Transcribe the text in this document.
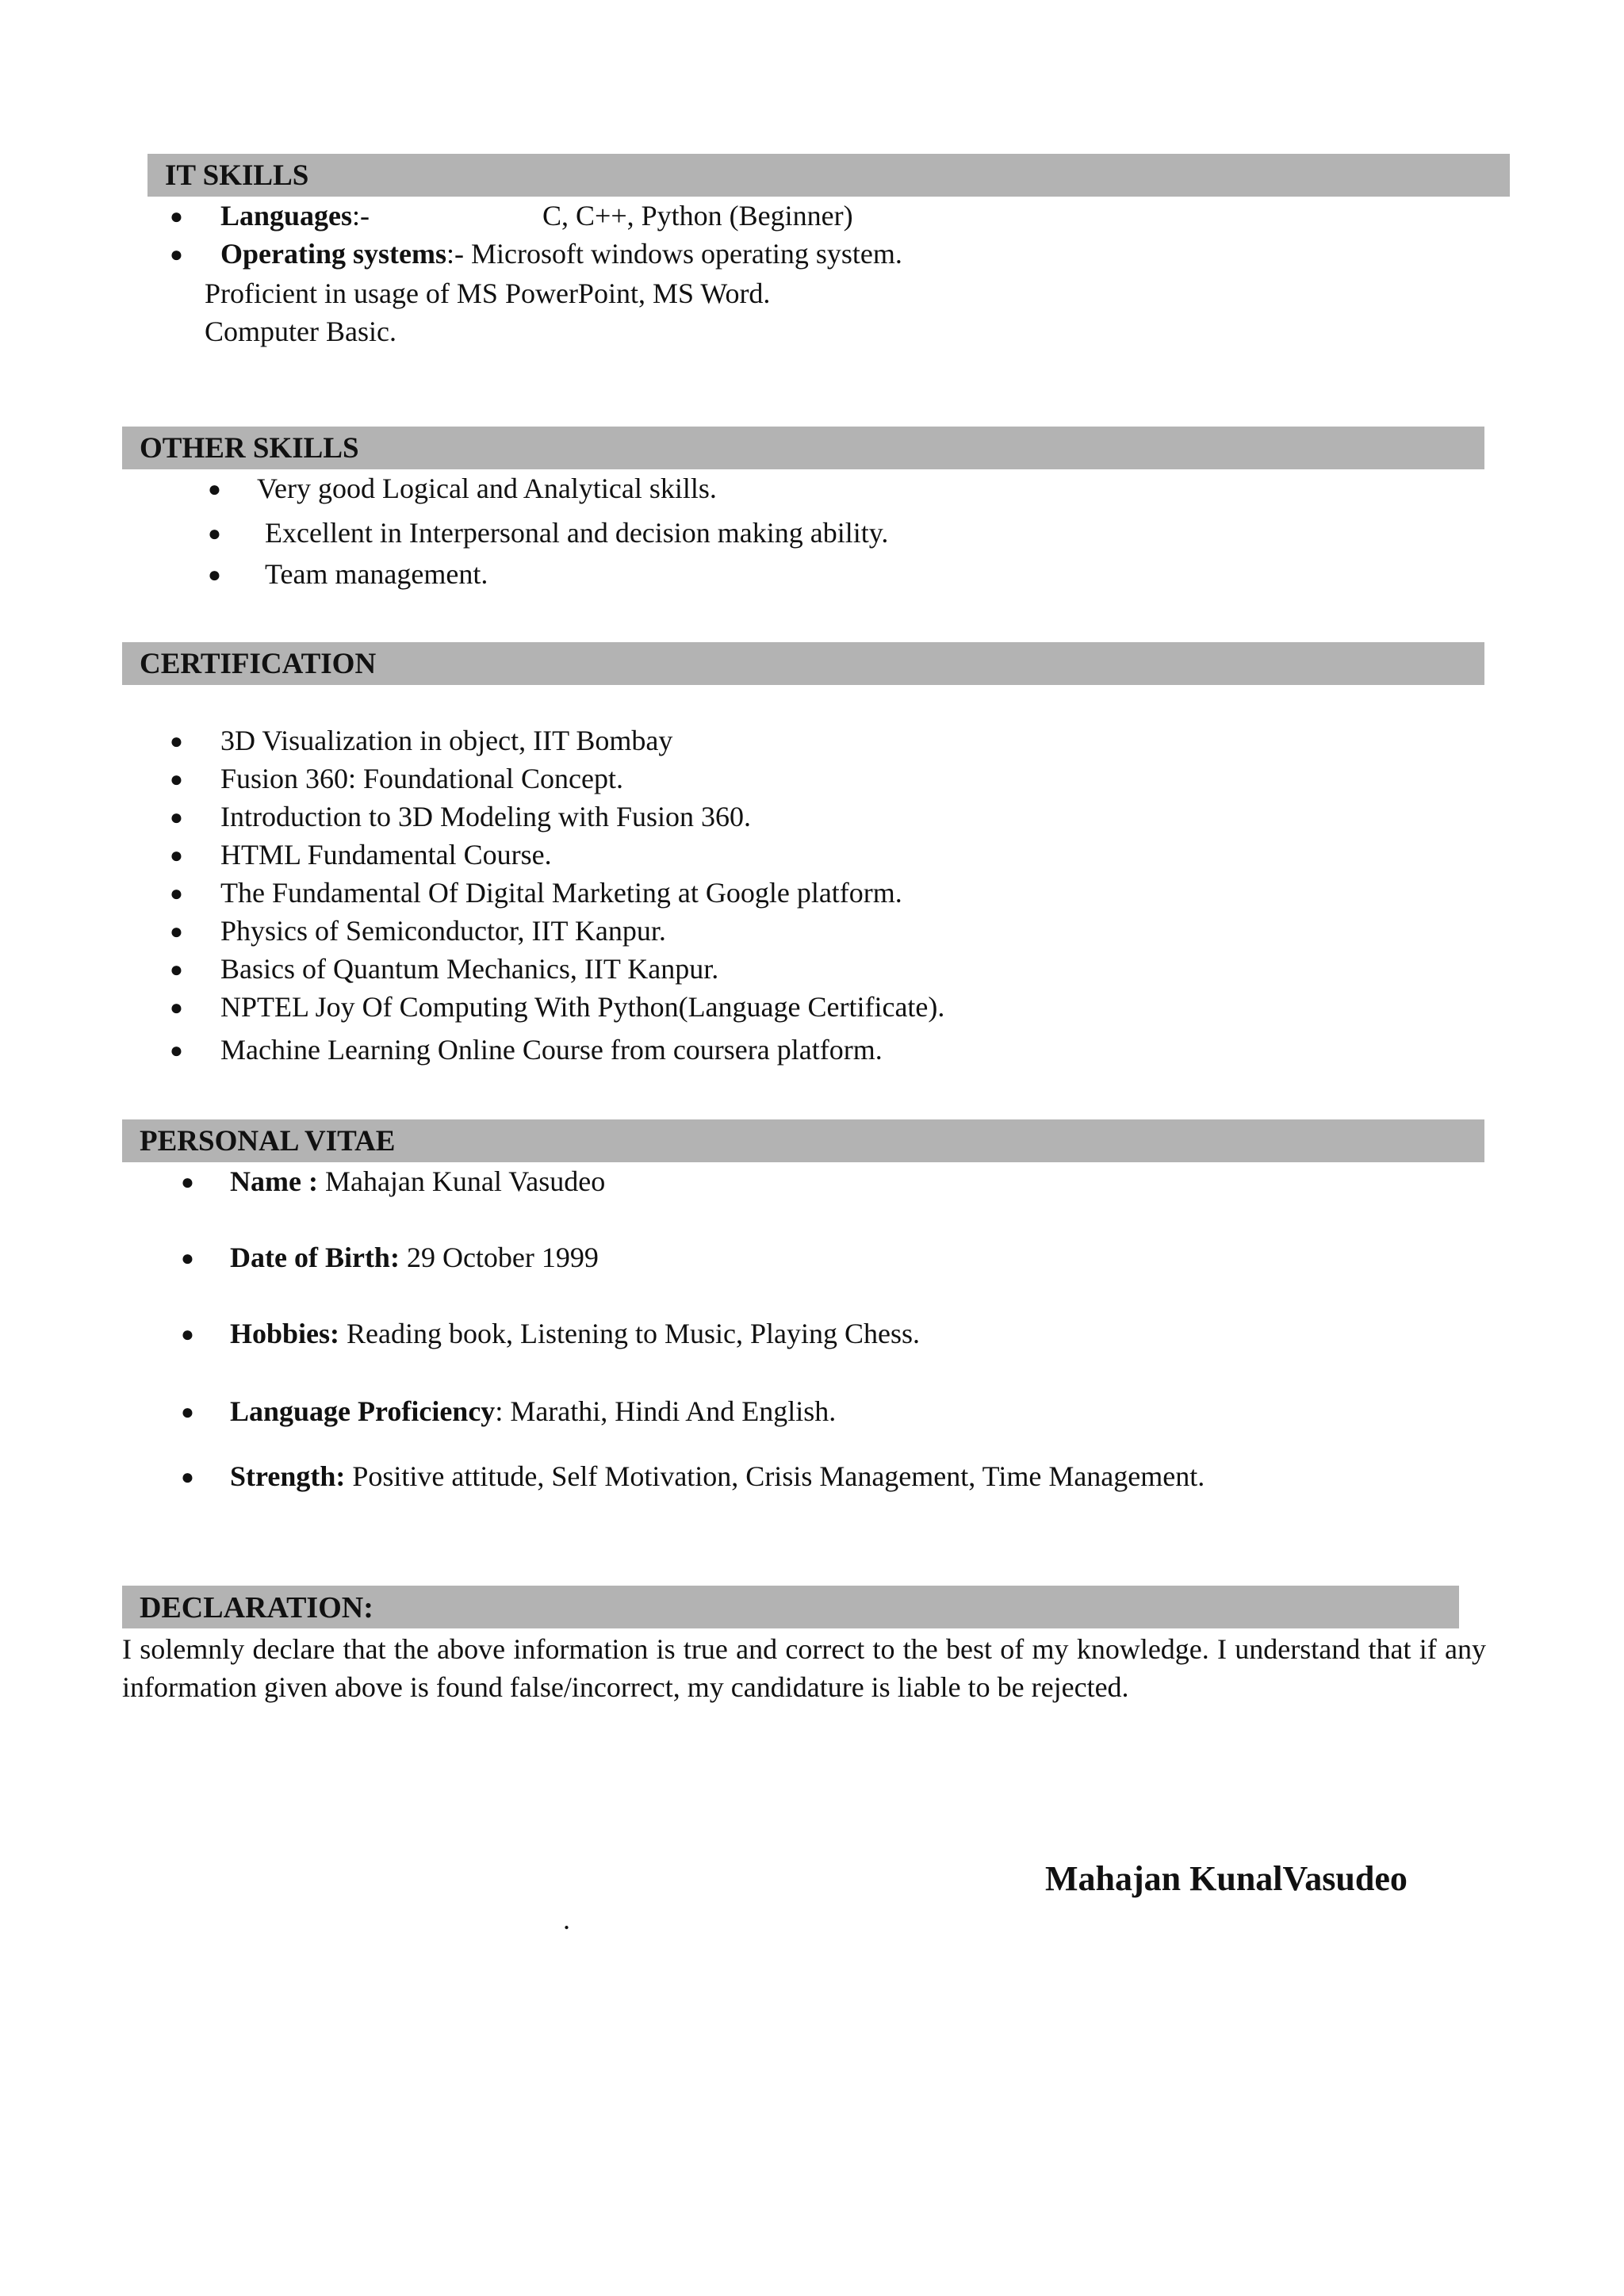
IT SKILLS
● Languages:-	C, C++, Python (Beginner)
● Operating systems:- Microsoft windows operating system.
Proficient in usage of MS PowerPoint, MS Word.
Computer Basic.
OTHER SKILLS
● Very good Logical and Analytical skills.
● Excellent in Interpersonal and decision making ability.
● Team management.
CERTIFICATION
● 3D Visualization in object, IIT Bombay
● Fusion 360: Foundational Concept.
● Introduction to 3D Modeling with Fusion 360.
● HTML Fundamental Course.
● The Fundamental Of Digital Marketing at Google platform.
● Physics of Semiconductor, IIT Kanpur.
● Basics of Quantum Mechanics, IIT Kanpur.
● NPTEL Joy Of Computing With Python(Language Certificate).
● Machine Learning Online Course from coursera platform.
PERSONAL VITAE
● Name : Mahajan Kunal Vasudeo
● Date of Birth: 29 October 1999
● Hobbies: Reading book, Listening to Music, Playing Chess.
● Language Proficiency: Marathi, Hindi And English.
● Strength: Positive attitude, Self Motivation, Crisis Management, Time Management.
DECLARATION:
I solemnly declare that the above information is true and correct to the best of my knowledge. I understand that if any information given above is found false/incorrect, my candidature is liable to be rejected.
Mahajan KunalVasudeo
.
